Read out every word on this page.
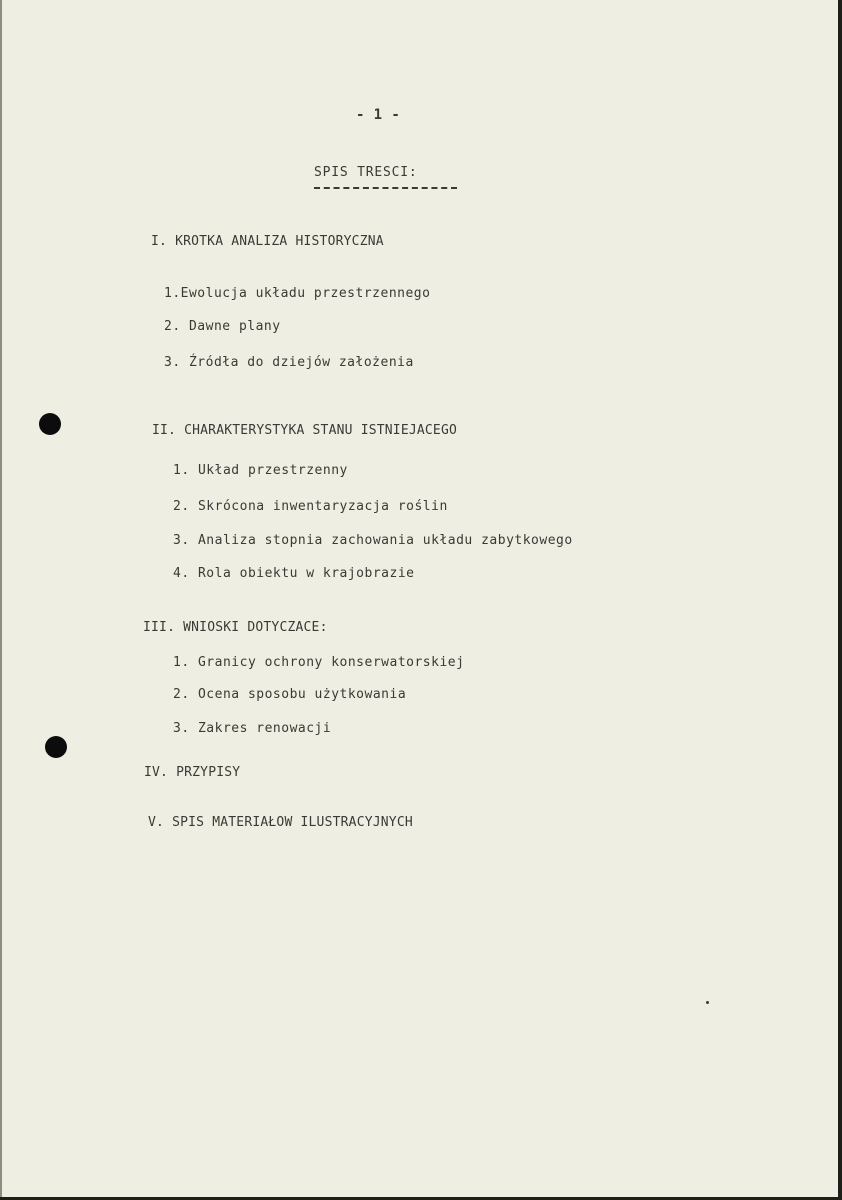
- 1 -

SPIS TRESCI:

I. KROTKA ANALIZA HISTORYCZNA

1.Ewolucja układu przestrzennego

2. Dawne plany

3. Źródła do dziejów założenia

II. CHARAKTERYSTYKA STANU ISTNIEJACEGO

1. Układ przestrzenny

2. Skrócona inwentaryzacja roślin

3. Analiza stopnia zachowania układu zabytkowego

4. Rola obiektu w krajobrazie

III. WNIOSKI DOTYCZACE:

1. Granicy ochrony konserwatorskiej

2. Ocena sposobu użytkowania

3. Zakres renowacji

IV. PRZYPISY

V. SPIS MATERIAŁOW ILUSTRACYJNYCH
